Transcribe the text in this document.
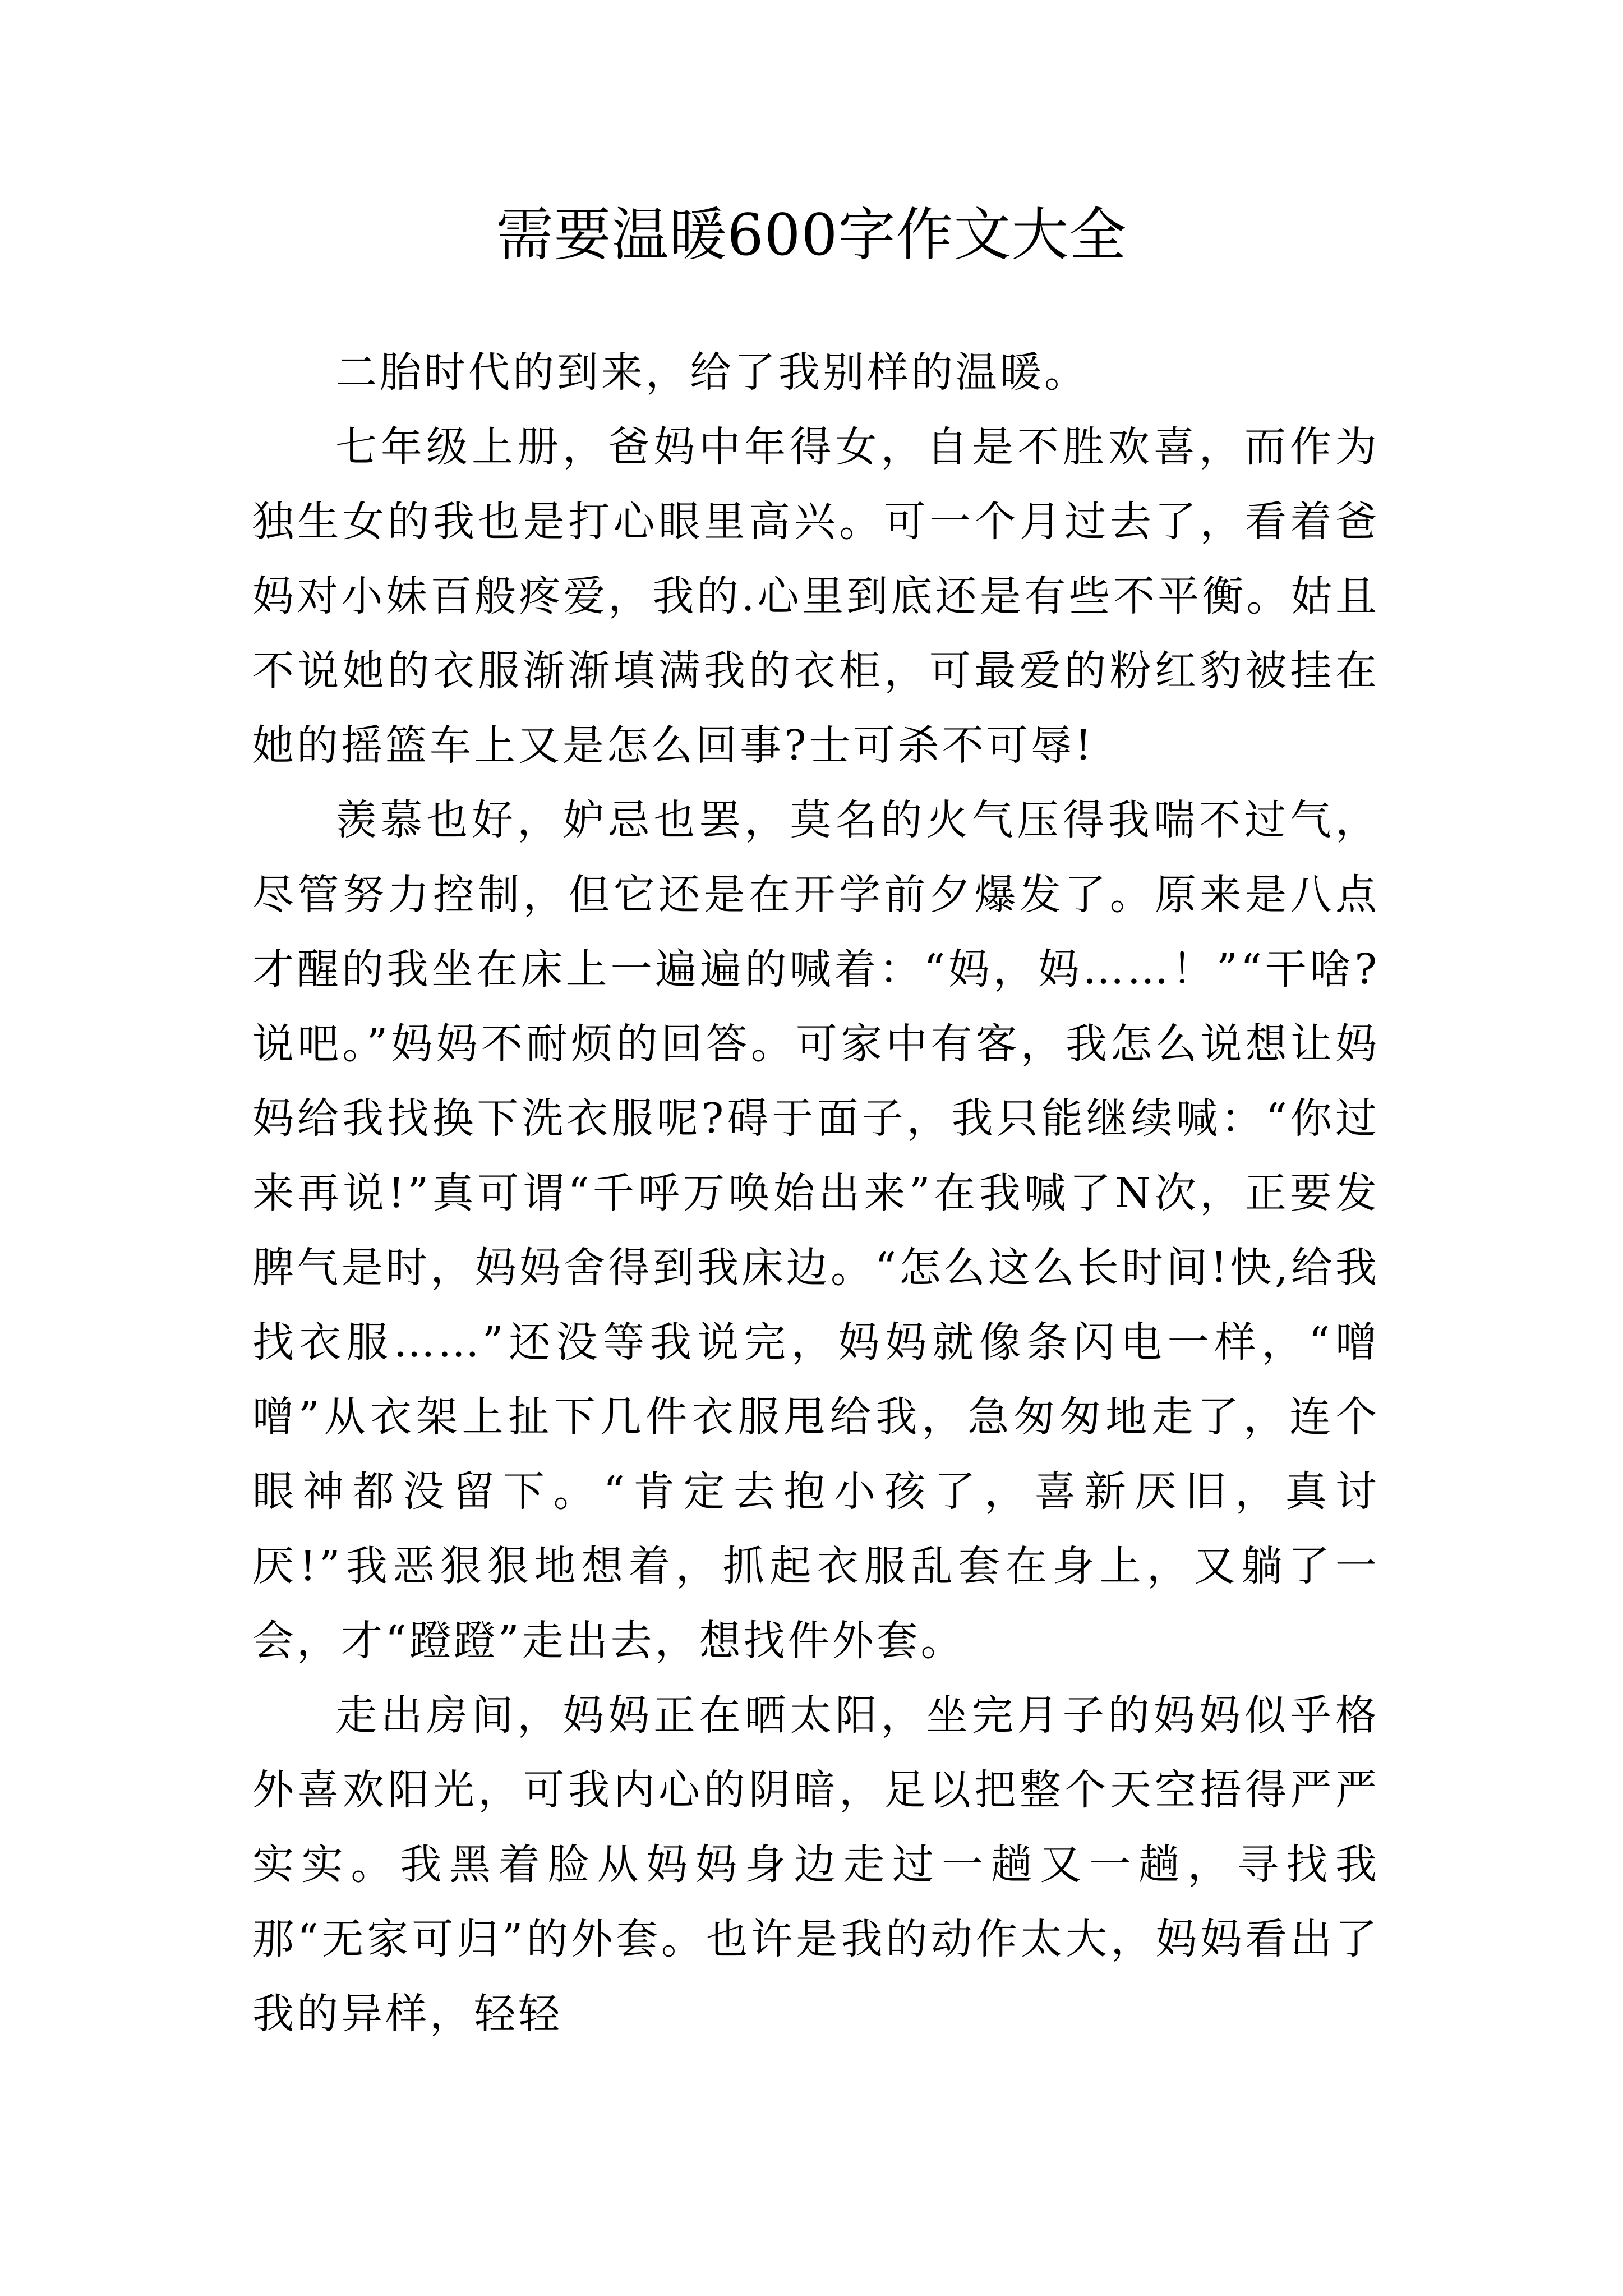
需要温暖600字作文大全

二胎时代的到来，给了我别样的温暖。

七年级上册，爸妈中年得女，自是不胜欢喜，而作为独生女的我也是打心眼里高兴。可一个月过去了，看着爸妈对小妹百般疼爱，我的.心里到底还是有些不平衡。姑且不说她的衣服渐渐填满我的衣柜，可最爱的粉红豹被挂在她的摇篮车上又是怎么回事?士可杀不可辱!

羡慕也好，妒忌也罢，莫名的火气压得我喘不过气，尽管努力控制，但它还是在开学前夕爆发了。原来是八点才醒的我坐在床上一遍遍的喊着：“妈，妈……！”“干啥?说吧。”妈妈不耐烦的回答。可家中有客，我怎么说想让妈妈给我找换下洗衣服呢?碍于面子，我只能继续喊：“你过来再说!”真可谓“千呼万唤始出来”在我喊了N次，正要发脾气是时，妈妈舍得到我床边。“怎么这么长时间!快,给我找衣服……”还没等我说完，妈妈就像条闪电一样，“噌噌”从衣架上扯下几件衣服甩给我，急匆匆地走了，连个眼神都没留下。“肯定去抱小孩了，喜新厌旧，真讨厌!”我恶狠狠地想着，抓起衣服乱套在身上，又躺了一会，才“蹬蹬”走出去，想找件外套。

走出房间，妈妈正在晒太阳，坐完月子的妈妈似乎格外喜欢阳光，可我内心的阴暗，足以把整个天空捂得严严实实。我黑着脸从妈妈身边走过一趟又一趟，寻找我那“无家可归”的外套。也许是我的动作太大，妈妈看出了我的异样，轻轻
